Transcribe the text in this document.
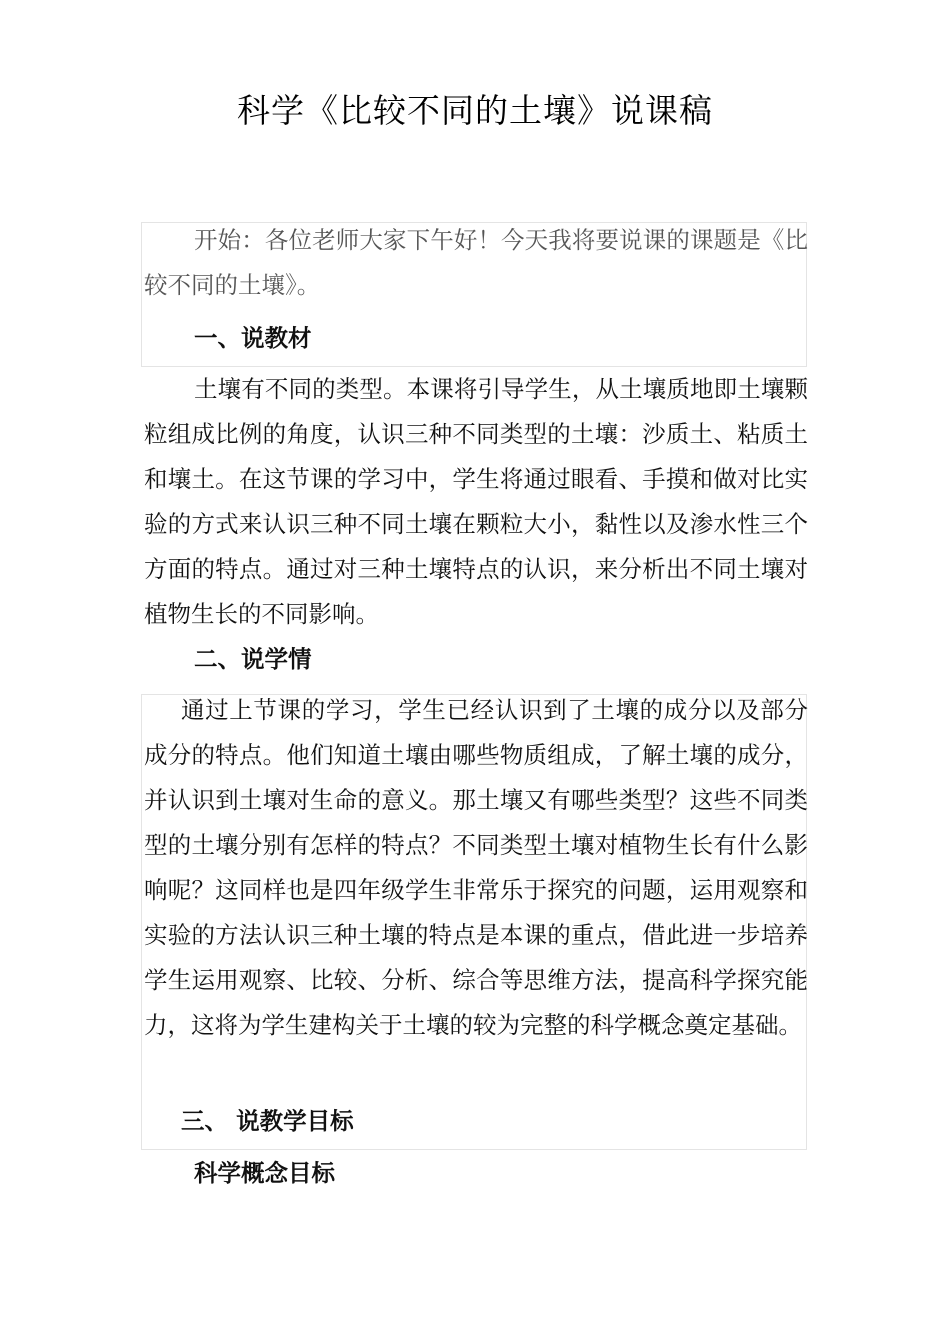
科学《比较不同的土壤》说课稿

开始：各位老师大家下午好！今天我将要说课的课题是《比较不同的土壤》。

一、说教材

土壤有不同的类型。本课将引导学生，从土壤质地即土壤颗粒组成比例的角度，认识三种不同类型的土壤：沙质土、粘质土和壤土。在这节课的学习中，学生将通过眼看、手摸和做对比实验的方式来认识三种不同土壤在颗粒大小，黏性以及渗水性三个方面的特点。通过对三种土壤特点的认识，来分析出不同土壤对植物生长的不同影响。

二、说学情

通过上节课的学习，学生已经认识到了土壤的成分以及部分成分的特点。他们知道土壤由哪些物质组成，了解土壤的成分，并认识到土壤对生命的意义。那土壤又有哪些类型？这些不同类型的土壤分别有怎样的特点？不同类型土壤对植物生长有什么影响呢？这同样也是四年级学生非常乐于探究的问题，运用观察和实验的方法认识三种土壤的特点是本课的重点，借此进一步培养学生运用观察、比较、分析、综合等思维方法，提高科学探究能力，这将为学生建构关于土壤的较为完整的科学概念奠定基础。

三、 说教学目标

科学概念目标
